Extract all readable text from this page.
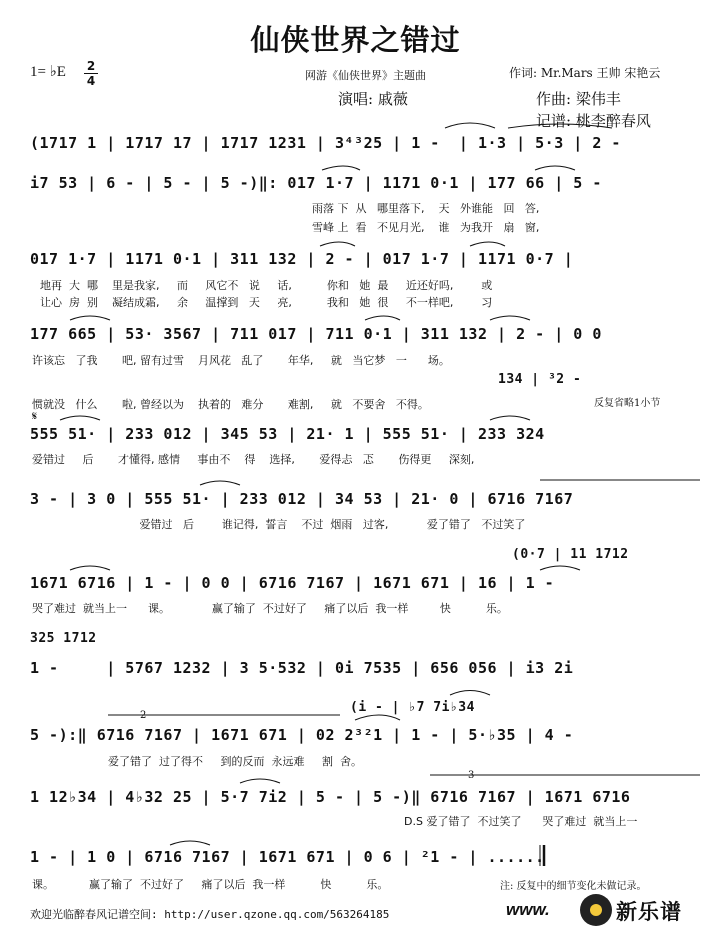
仙侠世界之错过
1= ♭E 2
4	网游《仙侠世界》主题曲
演唱: 戚薇
作词: Mr.Mars 王帅 宋艳云
作曲: 梁伟丰
记谱: 桃李醉春风
(1717 1 | 1717 17 | 1717 1231 | 3⁴³25 | 1 -  | 1·3 | 5·3 | 2 -
i7 53 | 6 - | 5 - | 5 -)‖: 017 1·7 | 1171 0·1 | 177 66 | 5 -
雨落 下  从   哪里落下,    天   外谁能   回   答,
雪峰 上  看   不见月光,    谁   为我开   扇   窗,
017 1·7 | 1171 0·1 | 311 132 | 2 - | 017 1·7 | 1171 0·7 |
地再  大  哪    里是我家,     而     风它不   说     话,          你和   她  最     近还好吗,        或
让心  房  别    凝结成霜,     余     温撑到   天     亮,          我和   她  很     不一样吧,        习
177 665 | 53· 3567 | 711 017 | 711 0·1 | 311 132 | 2 - | 0 0
许该忘   了我       吧, 留有过雪    月风花   乱了       年华,     就   当它梦   一      场。
惯就没   什么       啦, 曾经以为    执着的   难分       难割,     就   不要舍   不得。
134 | ³2 -
反复省略1小节
𝄋
555 51· | 233 012 | 345 53 | 21· 1 | 555 51· | 233 324
爱错过     后       才懂得, 感情     事由不    得    选择,       爱得忐   忑       伤得更     深刻,
3 - | 3 0 | 555 51· | 233 012 | 34 53 | 21· 0 | 6716 7167
爱错过   后        谁记得,  誓言    不过  烟雨   过客,           爱了错了   不过笑了
(0·7 | 11 1712
1671 6716 | 1 - | 0 0 | 6716 7167 | 1671 671 | 16 | 1 -
哭了难过  就当上一      课。            赢了输了  不过好了     痛了以后  我一样         快          乐。
325 1712
1 -     | 5767 1232 | 3 5·532 | 0i 7535 | 656 056 | i3 2i
(i - | ♭7 7i♭34
5 -):‖ 6716 7167 | 1671 671 | 02 2³²1 | 1 - | 5·♭35 | 4 -
爱了错了  过了得不     到的反而  永远难     割  舍。
2
1 12♭34 | 4♭32 25 | 5·7 7i2 | 5 - | 5 -)‖ 6716 7167 | 1671 6716
D.S 爱了错了  不过笑了      哭了难过  就当上一
3
1 - | 1 0 | 6716 7167 | 1671 671 | 0 6 | ²1 - | ......
课。          赢了输了  不过好了     痛了以后  我一样          快          乐。	注: 反复中的细节变化未做记录。
欢迎光临醉春风记谱空间: http://user.qzone.qq.com/563264185	www.	新乐谱
